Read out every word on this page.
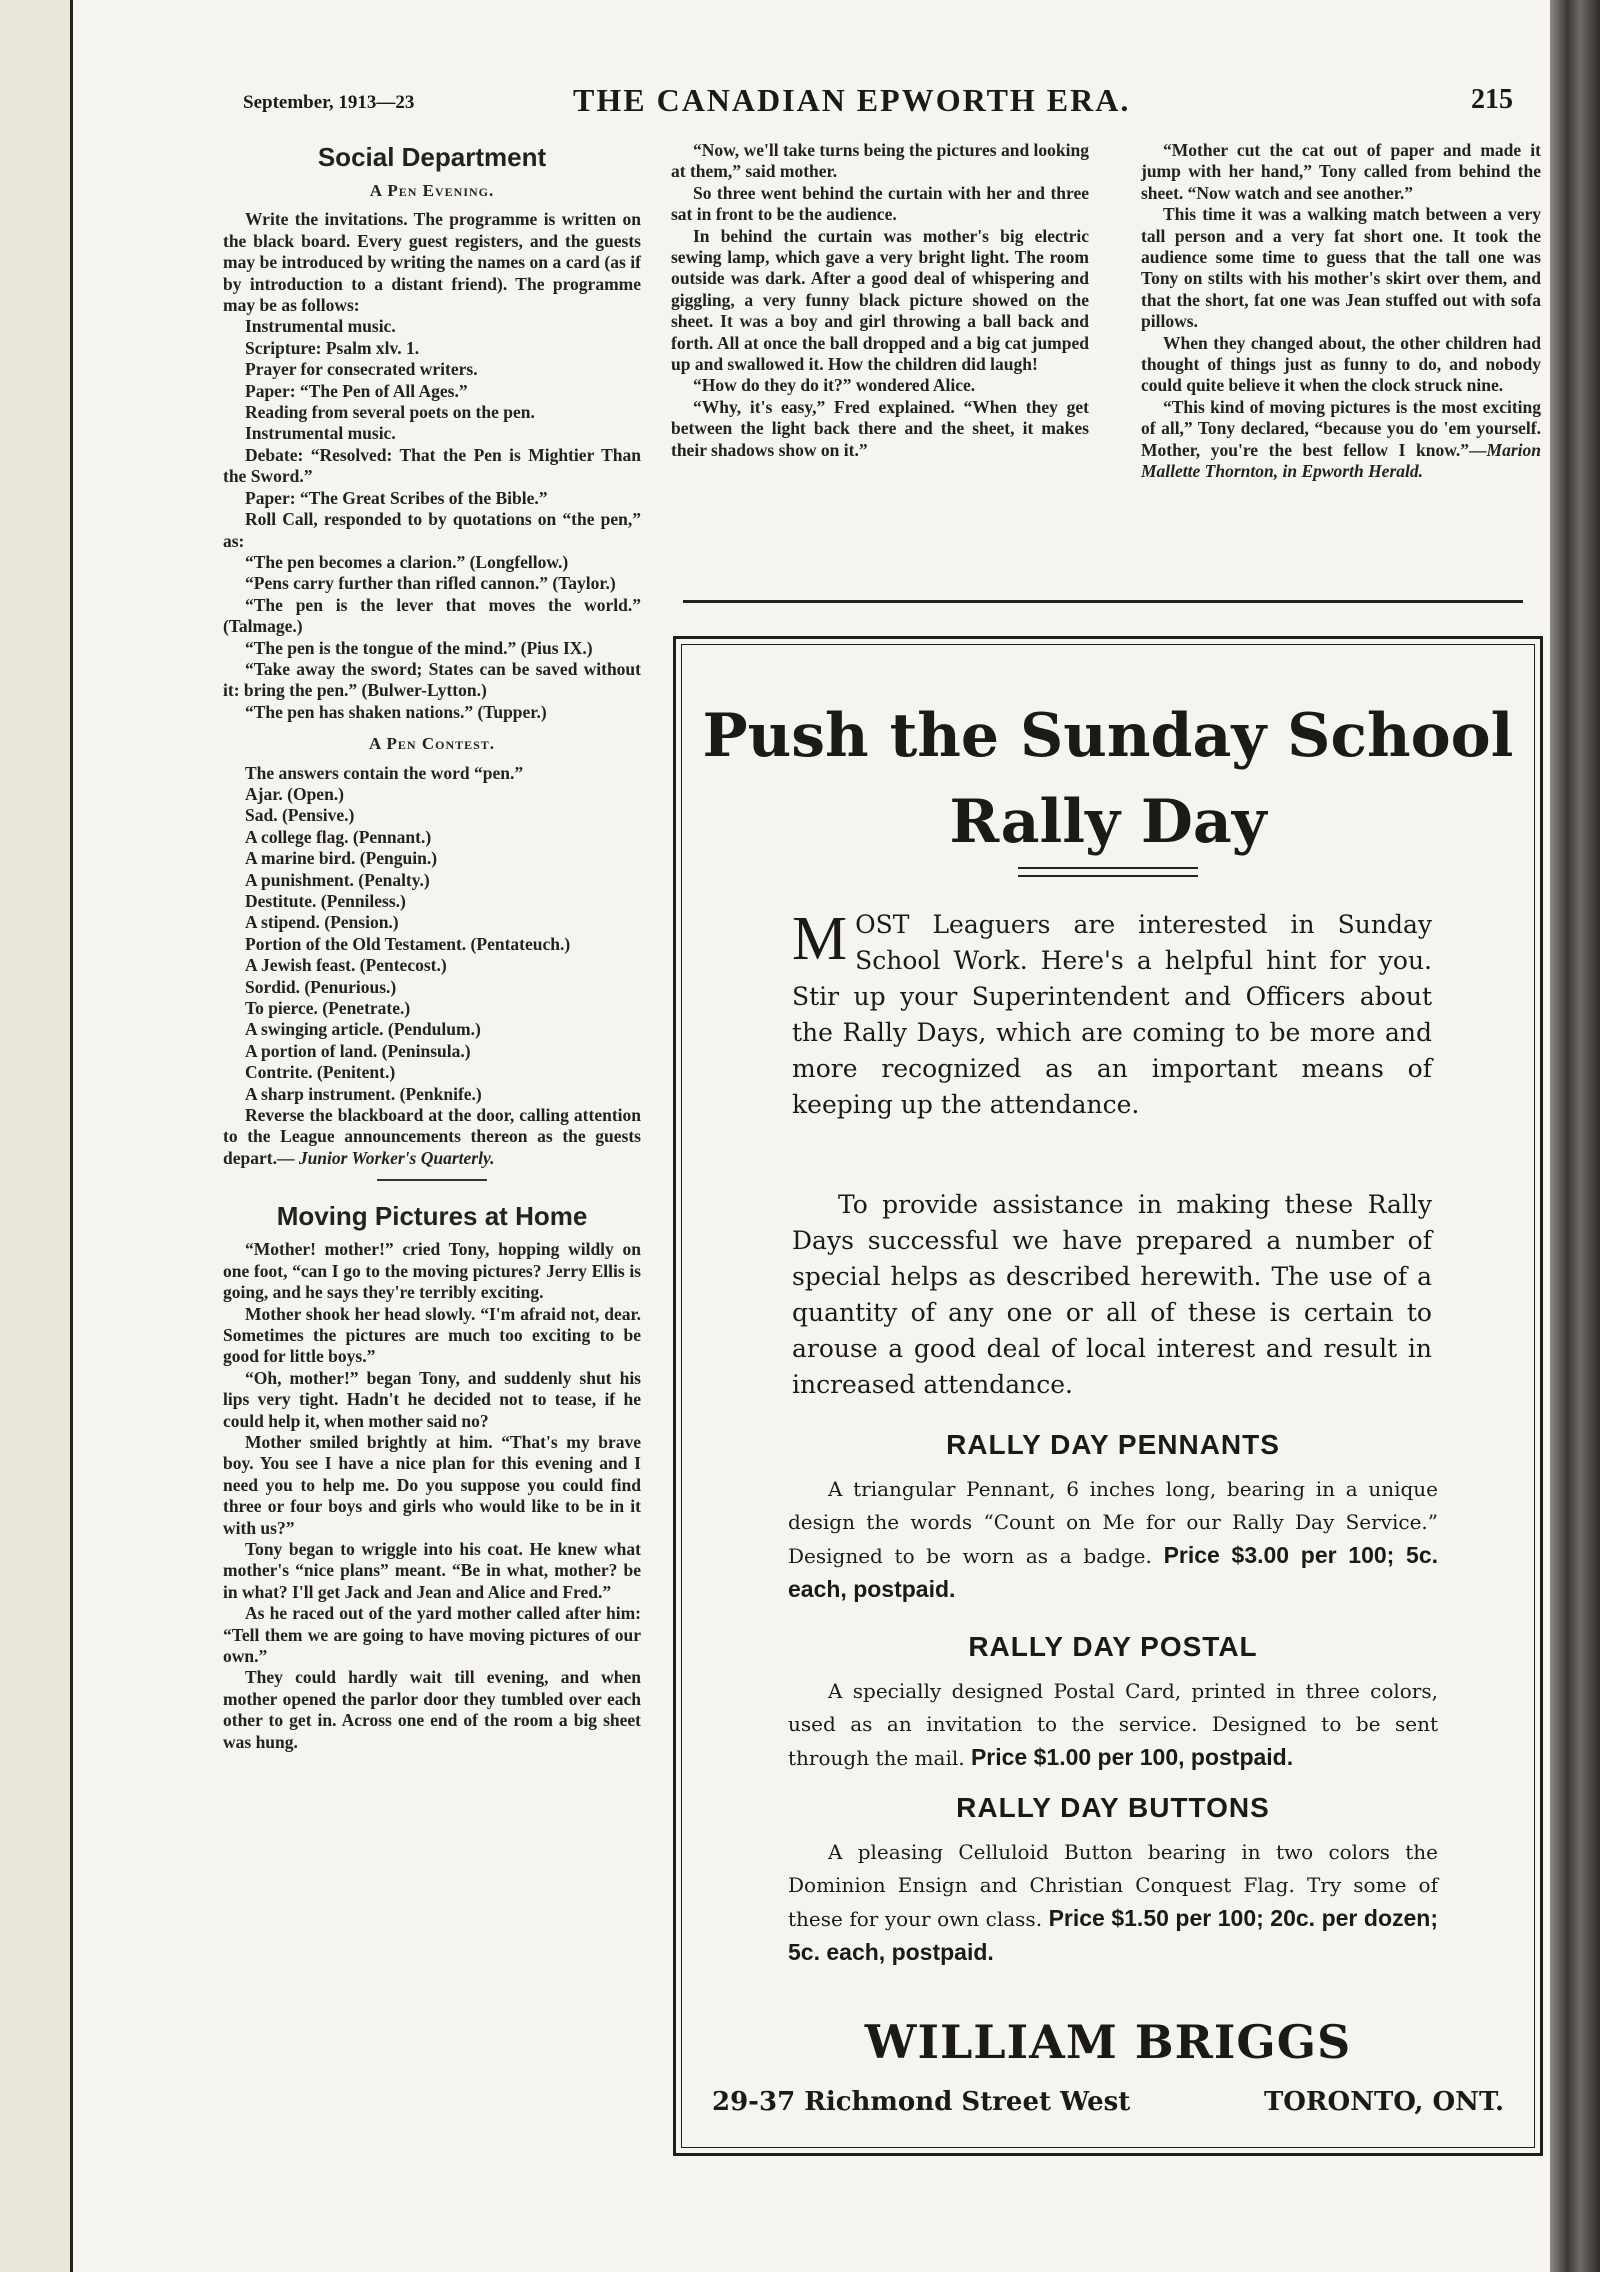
September, 1913—23	THE CANADIAN EPWORTH ERA.	215
Social Department
A Pen Evening.

Write the invitations. The programme is written on the black board. Every guest registers, and the guests may be introduced by writing the names on a card (as if by introduction to a distant friend). The programme may be as follows:

Instrumental music.
Scripture: Psalm xlv. 1.
Prayer for consecrated writers.
Paper: “The Pen of All Ages.”
Reading from several poets on the pen.
Instrumental music.

Debate: “Resolved: That the Pen is Mightier Than the Sword.”

Paper: “The Great Scribes of the Bible.”

Roll Call, responded to by quotations on “the pen,” as:

“The pen becomes a clarion.” (Longfellow.)

“Pens carry further than rifled cannon.” (Taylor.)

“The pen is the lever that moves the world.” (Talmage.)

“The pen is the tongue of the mind.” (Pius IX.)

“Take away the sword; States can be saved without it: bring the pen.” (Bulwer-Lytton.)

“The pen has shaken nations.” (Tupper.)

A Pen Contest.

The answers contain the word “pen.”

Ajar. (Open.)

Sad. (Pensive.)

A college flag. (Pennant.)

A marine bird. (Penguin.)

A punishment. (Penalty.)

Destitute. (Penniless.)

A stipend. (Pension.)

Portion of the Old Testament. (Pentateuch.)

A Jewish feast. (Pentecost.)

Sordid. (Penurious.)

To pierce. (Penetrate.)

A swinging article. (Pendulum.)

A portion of land. (Peninsula.)

Contrite. (Penitent.)

A sharp instrument. (Penknife.)

Reverse the blackboard at the door, calling attention to the League announcements thereon as the guests depart.— Junior Worker's Quarterly.

Moving Pictures at Home

“Mother! mother!” cried Tony, hopping wildly on one foot, “can I go to the moving pictures? Jerry Ellis is going, and he says they're terribly exciting.

Mother shook her head slowly. “I'm afraid not, dear. Sometimes the pictures are much too exciting to be good for little boys.”

“Oh, mother!” began Tony, and suddenly shut his lips very tight. Hadn't he decided not to tease, if he could help it, when mother said no?

Mother smiled brightly at him. “That's my brave boy. You see I have a nice plan for this evening and I need you to help me. Do you suppose you could find three or four boys and girls who would like to be in it with us?”

Tony began to wriggle into his coat. He knew what mother's “nice plans” meant. “Be in what, mother? be in what? I'll get Jack and Jean and Alice and Fred.”

As he raced out of the yard mother called after him: “Tell them we are going to have moving pictures of our own.”

They could hardly wait till evening, and when mother opened the parlor door they tumbled over each other to get in. Across one end of the room a big sheet was hung.

“Now, we'll take turns being the pictures and looking at them,” said mother.

So three went behind the curtain with her and three sat in front to be the audience.

In behind the curtain was mother's big electric sewing lamp, which gave a very bright light. The room outside was dark. After a good deal of whispering and giggling, a very funny black picture showed on the sheet. It was a boy and girl throwing a ball back and forth. All at once the ball dropped and a big cat jumped up and swallowed it. How the children did laugh!

“How do they do it?” wondered Alice.

“Why, it's easy,” Fred explained. “When they get between the light back there and the sheet, it makes their shadows show on it.”

“Mother cut the cat out of paper and made it jump with her hand,” Tony called from behind the sheet. “Now watch and see another.”

This time it was a walking match between a very tall person and a very fat short one. It took the audience some time to guess that the tall one was Tony on stilts with his mother's skirt over them, and that the short, fat one was Jean stuffed out with sofa pillows.

When they changed about, the other children had thought of things just as funny to do, and nobody could quite believe it when the clock struck nine.

“This kind of moving pictures is the most exciting of all,” Tony declared, “because you do 'em yourself. Mother, you're the best fellow I know.”—Marion Mallette Thornton, in Epworth Herald.

Push the Sunday School
Rally Day
MOST Leaguers are interested in Sunday School Work. Here's a helpful hint for you. Stir up your Superintendent and Officers about the Rally Days, which are coming to be more and more recognized as an important means of keeping up the attendance.
To provide assistance in making these Rally Days successful we have prepared a number of special helps as described herewith. The use of a quantity of any one or all of these is certain to arouse a good deal of local interest and result in increased attendance.
RALLY DAY PENNANTS
A triangular Pennant, 6 inches long, bearing in a unique design the words “Count on Me for our Rally Day Service.” Designed to be worn as a badge. Price $3.00 per 100; 5c. each, postpaid.
RALLY DAY POSTAL
A specially designed Postal Card, printed in three colors, used as an invitation to the service. Designed to be sent through the mail. Price $1.00 per 100, postpaid.
RALLY DAY BUTTONS
A pleasing Celluloid Button bearing in two colors the Dominion Ensign and Christian Conquest Flag. Try some of these for your own class. Price $1.50 per 100; 20c. per dozen; 5c. each, postpaid.
WILLIAM BRIGGS
29-37 Richmond Street West	TORONTO, ONT.
